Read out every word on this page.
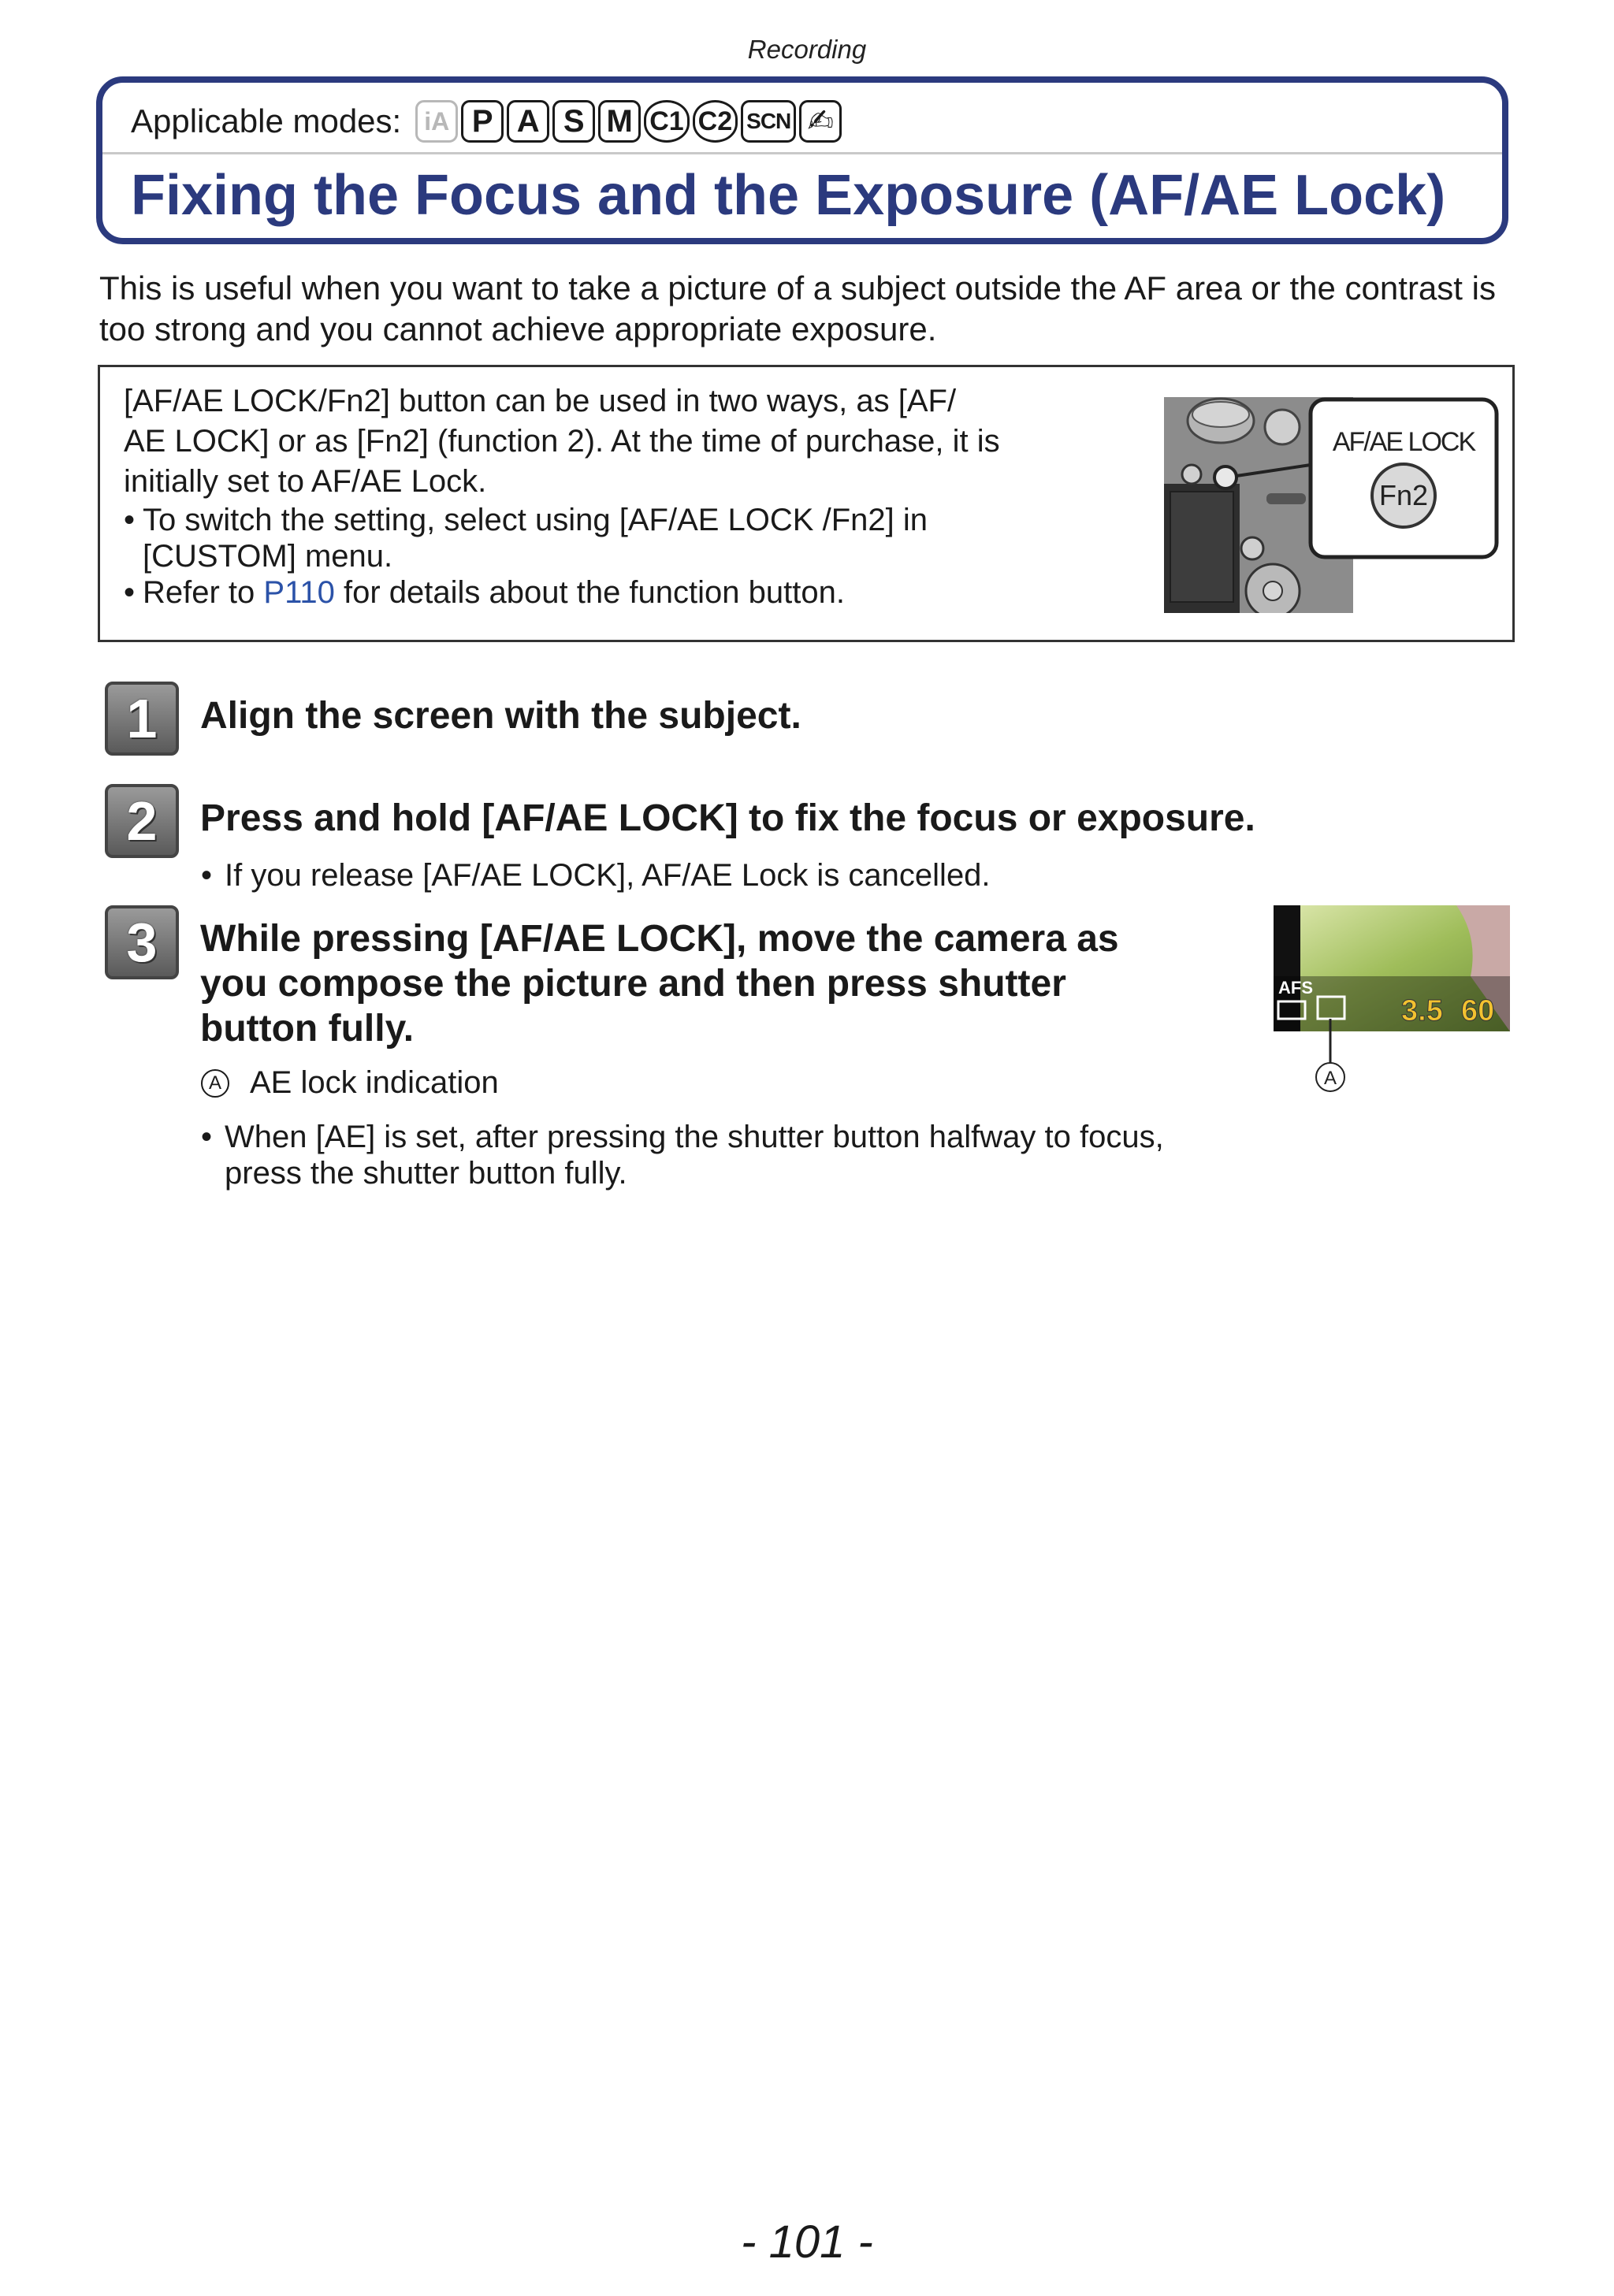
Recording
Applicable modes: iA P A S M C1 C2 SCN ✍
Fixing the Focus and the Exposure (AF/AE Lock)
This is useful when you want to take a picture of a subject outside the AF area or the contrast is too strong and you cannot achieve appropriate exposure.
[AF/AE LOCK/Fn2] button can be used in two ways, as [AF/
AE LOCK] or as [Fn2] (function 2). At the time of purchase, it is
initially set to AF/AE Lock.
• To switch the setting, select using [AF/AE LOCK /Fn2] in
[CUSTOM] menu.
• Refer to P110 for details about the function button.
AF/AE LOCK
Fn2
1 Align the screen with the subject.
2 Press and hold [AF/AE LOCK] to fix the focus or exposure.
• If you release [AF/AE LOCK], AF/AE Lock is cancelled.
3 While pressing [AF/AE LOCK], move the camera as
you compose the picture and then press shutter
button fully.
A AE lock indication
• When [AE] is set, after pressing the shutter button halfway to focus,
press the shutter button fully.
AFS
3.5 60
A
- 101 -
